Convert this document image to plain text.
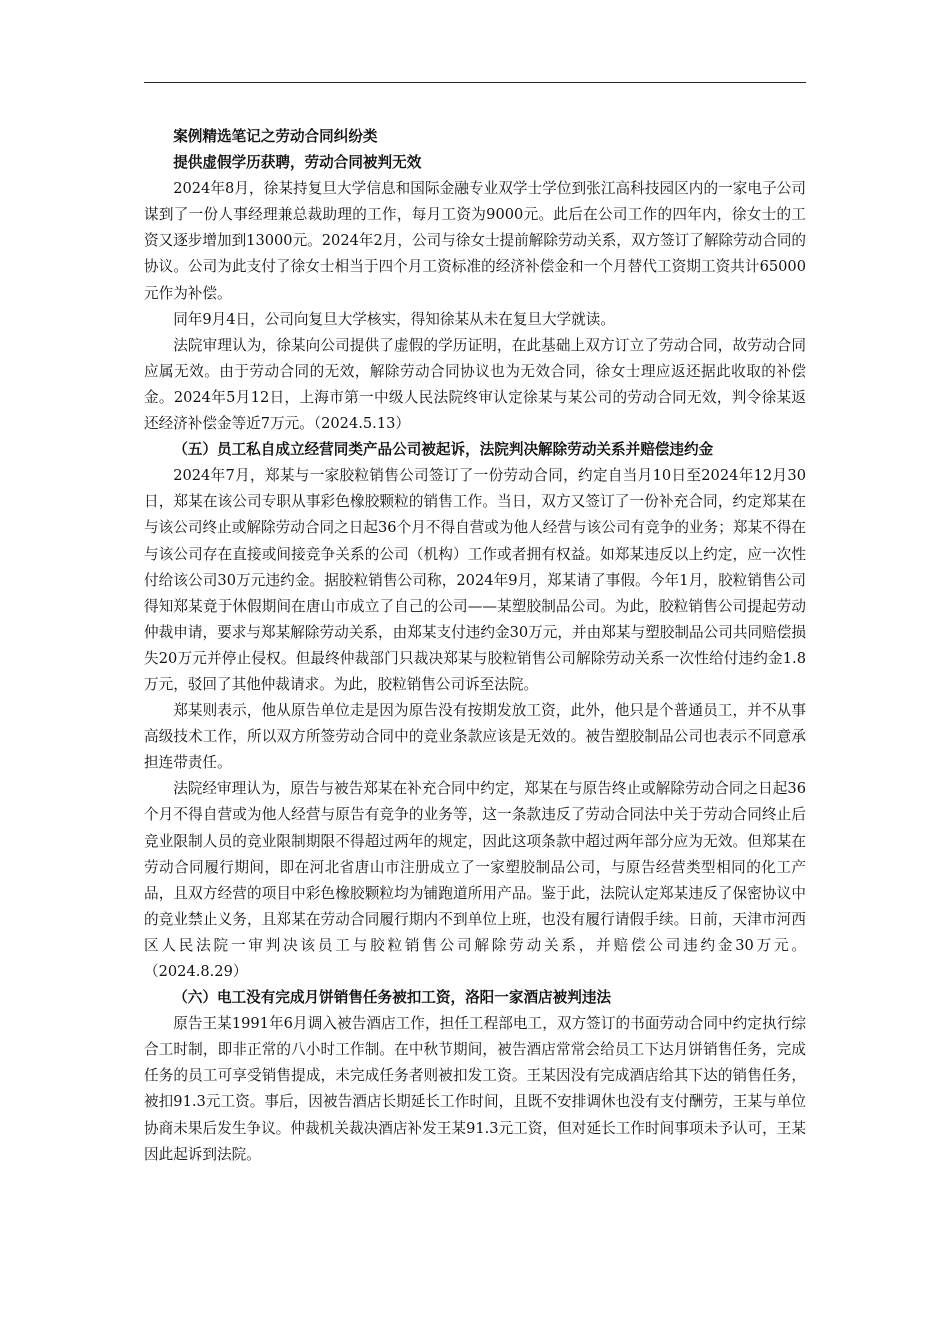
案例精选笔记之劳动合同纠纷类

提供虚假学历获聘，劳动合同被判无效

2024年8月，徐某持复旦大学信息和国际金融专业双学士学位到张江高科技园区内的一家电子公司谋到了一份人事经理兼总裁助理的工作，每月工资为9000元。此后在公司工作的四年内，徐女士的工资又逐步增加到13000元。2024年2月，公司与徐女士提前解除劳动关系，双方签订了解除劳动合同的协议。公司为此支付了徐女士相当于四个月工资标准的经济补偿金和一个月替代工资期工资共计65000元作为补偿。

同年9月4日，公司向复旦大学核实，得知徐某从未在复旦大学就读。

法院审理认为，徐某向公司提供了虚假的学历证明，在此基础上双方订立了劳动合同，故劳动合同应属无效。由于劳动合同的无效，解除劳动合同协议也为无效合同，徐女士理应返还据此收取的补偿金。2024年5月12日，上海市第一中级人民法院终审认定徐某与某公司的劳动合同无效，判令徐某返还经济补偿金等近7万元。（2024.5.13）

（五）员工私自成立经营同类产品公司被起诉，法院判决解除劳动关系并赔偿违约金

2024年7月，郑某与一家胶粒销售公司签订了一份劳动合同，约定自当月10日至2024年12月30日，郑某在该公司专职从事彩色橡胶颗粒的销售工作。当日，双方又签订了一份补充合同，约定郑某在与该公司终止或解除劳动合同之日起36个月不得自营或为他人经营与该公司有竞争的业务；郑某不得在与该公司存在直接或间接竞争关系的公司（机构）工作或者拥有权益。如郑某违反以上约定，应一次性付给该公司30万元违约金。据胶粒销售公司称，2024年9月，郑某请了事假。今年1月，胶粒销售公司得知郑某竟于休假期间在唐山市成立了自己的公司——某塑胶制品公司。为此，胶粒销售公司提起劳动仲裁申请，要求与郑某解除劳动关系，由郑某支付违约金30万元，并由郑某与塑胶制品公司共同赔偿损失20万元并停止侵权。但最终仲裁部门只裁决郑某与胶粒销售公司解除劳动关系一次性给付违约金1.8万元，驳回了其他仲裁请求。为此，胶粒销售公司诉至法院。

郑某则表示，他从原告单位走是因为原告没有按期发放工资，此外，他只是个普通员工，并不从事高级技术工作，所以双方所签劳动合同中的竞业条款应该是无效的。被告塑胶制品公司也表示不同意承担连带责任。

法院经审理认为，原告与被告郑某在补充合同中约定，郑某在与原告终止或解除劳动合同之日起36个月不得自营或为他人经营与原告有竞争的业务等，这一条款违反了劳动合同法中关于劳动合同终止后竞业限制人员的竞业限制期限不得超过两年的规定，因此这项条款中超过两年部分应为无效。但郑某在劳动合同履行期间，即在河北省唐山市注册成立了一家塑胶制品公司，与原告经营类型相同的化工产品，且双方经营的项目中彩色橡胶颗粒均为铺跑道所用产品。鉴于此，法院认定郑某违反了保密协议中的竞业禁止义务，且郑某在劳动合同履行期内不到单位上班，也没有履行请假手续。日前，天津市河西区人民法院一审判决该员工与胶粒销售公司解除劳动关系，并赔偿公司违约金30万元。

（2024.8.29）

（六）电工没有完成月饼销售任务被扣工资，洛阳一家酒店被判违法

原告王某1991年6月调入被告酒店工作，担任工程部电工，双方签订的书面劳动合同中约定执行综合工时制，即非正常的八小时工作制。在中秋节期间，被告酒店常常会给员工下达月饼销售任务，完成任务的员工可享受销售提成，未完成任务者则被扣发工资。王某因没有完成酒店给其下达的销售任务，被扣91.3元工资。事后，因被告酒店长期延长工作时间，且既不安排调休也没有支付酬劳，王某与单位协商未果后发生争议。仲裁机关裁决酒店补发王某91.3元工资，但对延长工作时间事项未予认可，王某因此起诉到法院。
